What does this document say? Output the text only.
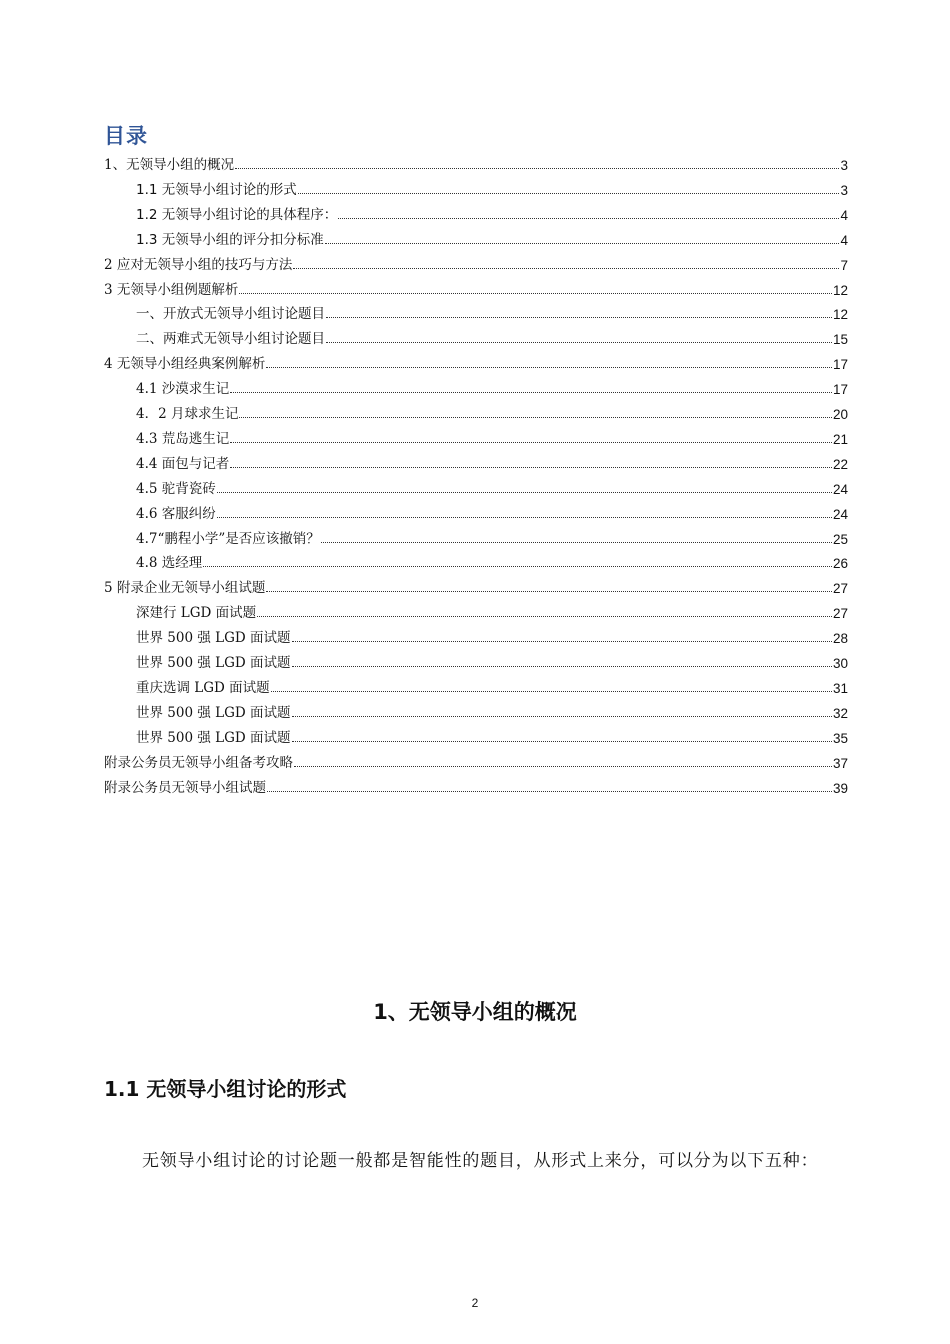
目录
1、无领导小组的概况	3
1.1 无领导小组讨论的形式	3
1.2 无领导小组讨论的具体程序：	4
1.3 无领导小组的评分扣分标准	4
2 应对无领导小组的技巧与方法	7
3 无领导小组例题解析	12
一、开放式无领导小组讨论题目	12
二、两难式无领导小组讨论题目	15
4 无领导小组经典案例解析	17
4.1 沙漠求生记	17
4．2 月球求生记	20
4.3 荒岛逃生记	21
4.4 面包与记者	22
4.5 驼背瓷砖	24
4.6 客服纠纷	24
4.7“鹏程小学”是否应该撤销？	25
4.8 选经理	26
5 附录企业无领导小组试题	27
深建行 LGD 面试题	27
世界 500 强 LGD 面试题	28
世界 500 强 LGD 面试题	30
重庆选调 LGD 面试题	31
世界 500 强 LGD 面试题	32
世界 500 强 LGD 面试题	35
附录公务员无领导小组备考攻略	37
附录公务员无领导小组试题	39
1、无领导小组的概况
1.1 无领导小组讨论的形式
无领导小组讨论的讨论题一般都是智能性的题目，从形式上来分，可以分为以下五种：
2
